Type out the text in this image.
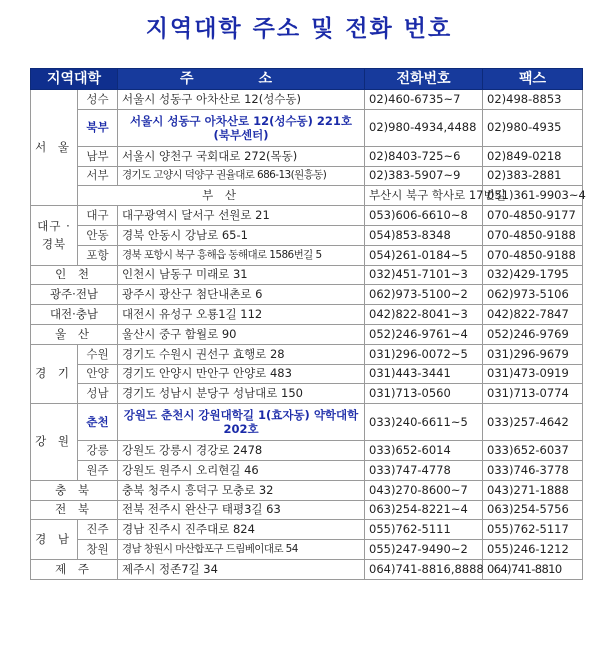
지역대학 주소 및 전화 번호
지역대학		주 소	전화번호	팩스	
서 울	성수	서울시 성동구 아차산로 12(성수동)	02)460-6735~7	02)498-8853	
	북부	서울시 성동구 아차산로 12(성수동) 221호 (북부센터)	02)980-4934,4488	02)980-4935	
	남부	서울시 양천구 국회대로 272(목동)	02)8403-725~6	02)849-0218	
	서부	경기도 고양시 덕양구 권율대로 686-13(원흥동)	02)383-5907~9	02)383-2881	
	부 산		부산시 북구 학사로 17번길	051)361-9903~4	
대구 · 경북	대구	대구광역시 달서구 선원로 21	053)606-6610~8	070-4850-9177	
	안동	경북 안동시 강남로 65-1	054)853-8348	070-4850-9188	
	포항	경북 포항시 북구 흥해읍 동해대로 1586번길 5	054)261-0184~5	070-4850-9188	
인 천		인천시 남동구 미래로 31	032)451-7101~3	032)429-1795	
광주·전남		광주시 광산구 첨단내촌로 6	062)973-5100~2	062)973-5106	
대전·충남		대전시 유성구 오룡1길 112	042)822-8041~3	042)822-7847	
울 산		울산시 중구 함월로 90	052)246-9761~4	052)246-9769	
경 기	수원	경기도 수원시 권선구 효행로 28	031)296-0072~5	031)296-9679	
	안양	경기도 안양시 만안구 안양로 483	031)443-3441	031)473-0919	
	성남	경기도 성남시 분당구 성남대로 150	031)713-0560	031)713-0774	
강 원	춘천	강원도 춘천시 강원대학길 1(효자동) 약학대학 202호	033)240-6611~5	033)257-4642	
	강릉	강원도 강릉시 경강로 2478	033)652-6014	033)652-6037	
	원주	강원도 원주시 오리현길 46	033)747-4778	033)746-3778	
충 북		충북 청주시 흥덕구 모충로 32	043)270-8600~7	043)271-1888	
전 북		전북 전주시 완산구 태평3길 63	063)254-8221~4	063)254-5756	
경 남	진주	경남 진주시 진주대로 824	055)762-5111	055)762-5117	
	창원	경남 창원시 마산합포구 드림베이대로 54	055)247-9490~2	055)246-1212	
제 주		제주시 정존7길 34	064)741-8816,8888	064)741-8810	
